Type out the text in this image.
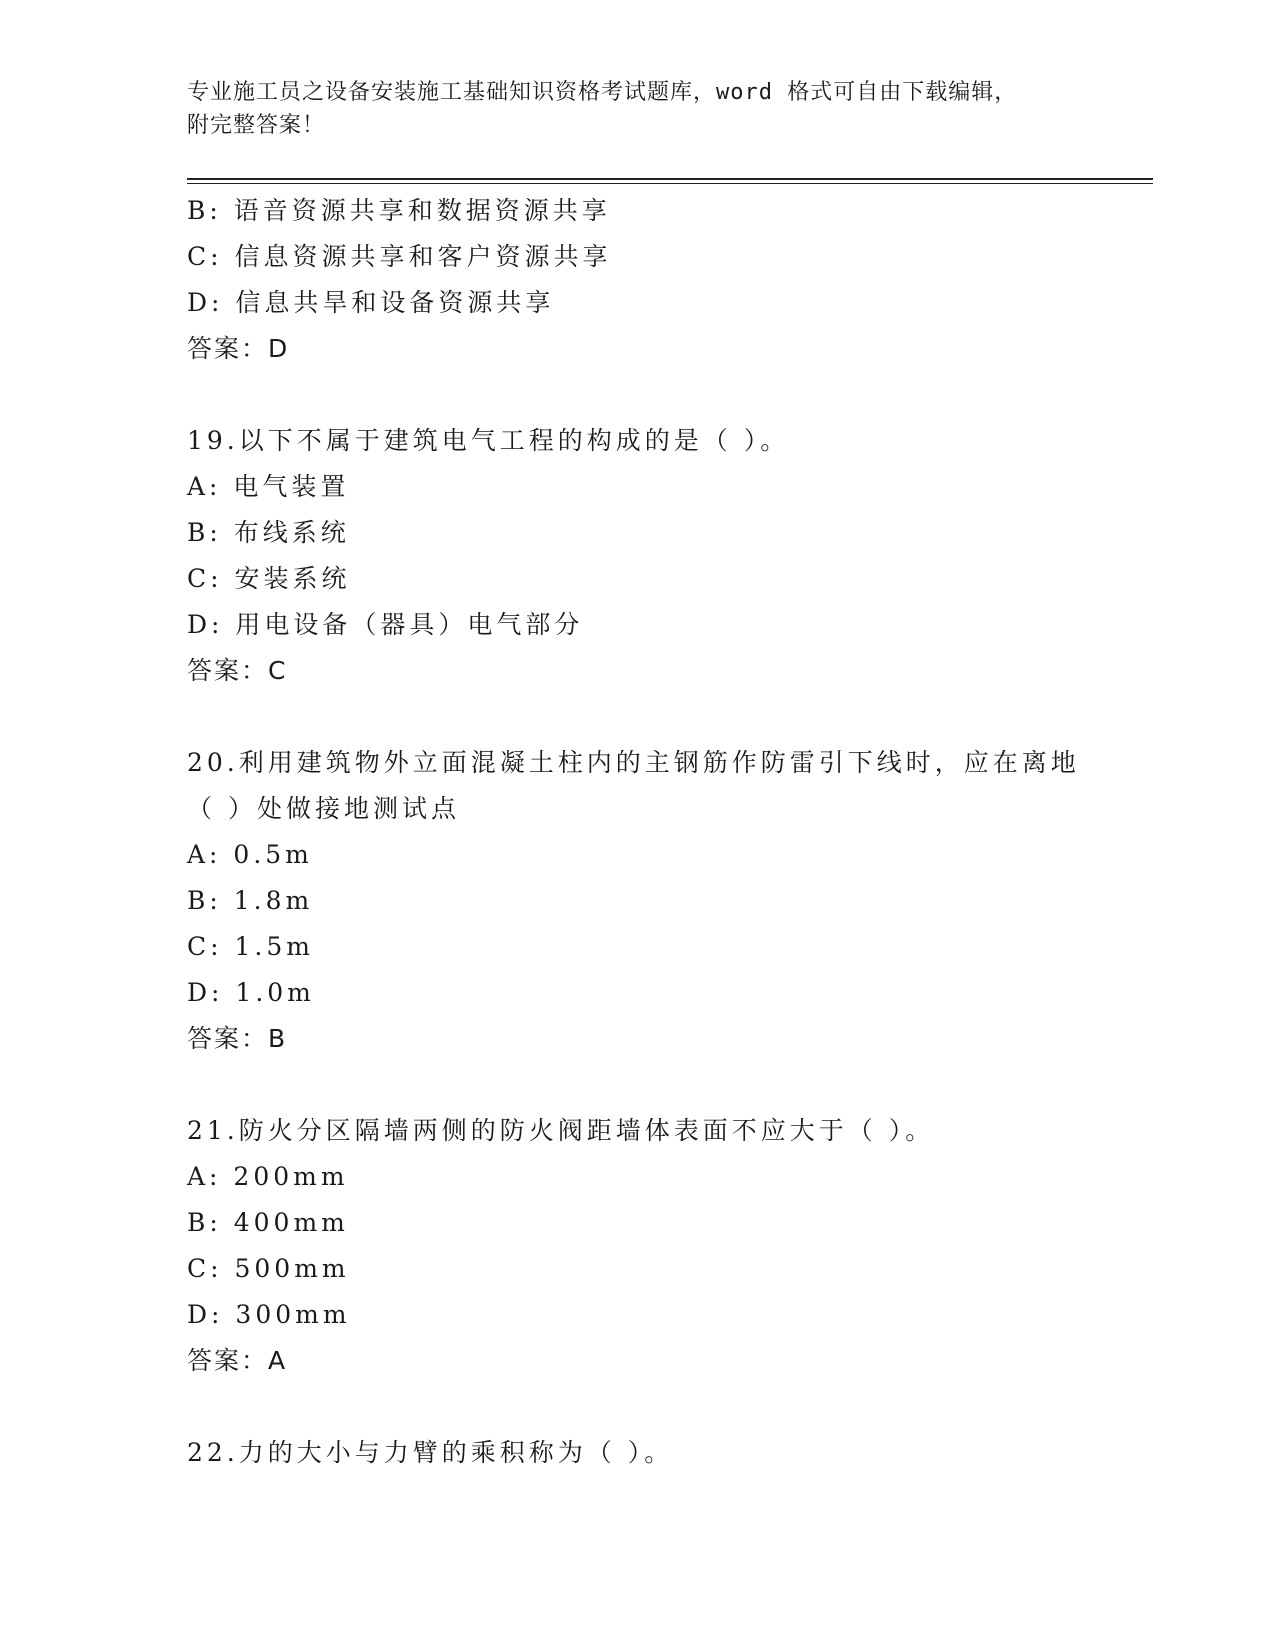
专业施工员之设备安装施工基础知识资格考试题库，word 格式可自由下载编辑，
附完整答案！
B: 语音资源共享和数据资源共享
C: 信息资源共享和客户资源共享
D: 信息共旱和设备资源共享
答案：D
19.以下不属于建筑电气工程的构成的是（ ）。
A: 电气装置
B: 布线系统
C: 安装系统
D: 用电设备（器具）电气部分
答案：C
20.利用建筑物外立面混凝土柱内的主钢筋作防雷引下线时，应在离地
（ ）处做接地测试点
A: 0.5m
B: 1.8m
C: 1.5m
D: 1.0m
答案：B
21.防火分区隔墙两侧的防火阀距墙体表面不应大于（ ）。
A: 200mm
B: 400mm
C: 500mm
D: 300mm
答案：A
22.力的大小与力臂的乘积称为（ ）。
